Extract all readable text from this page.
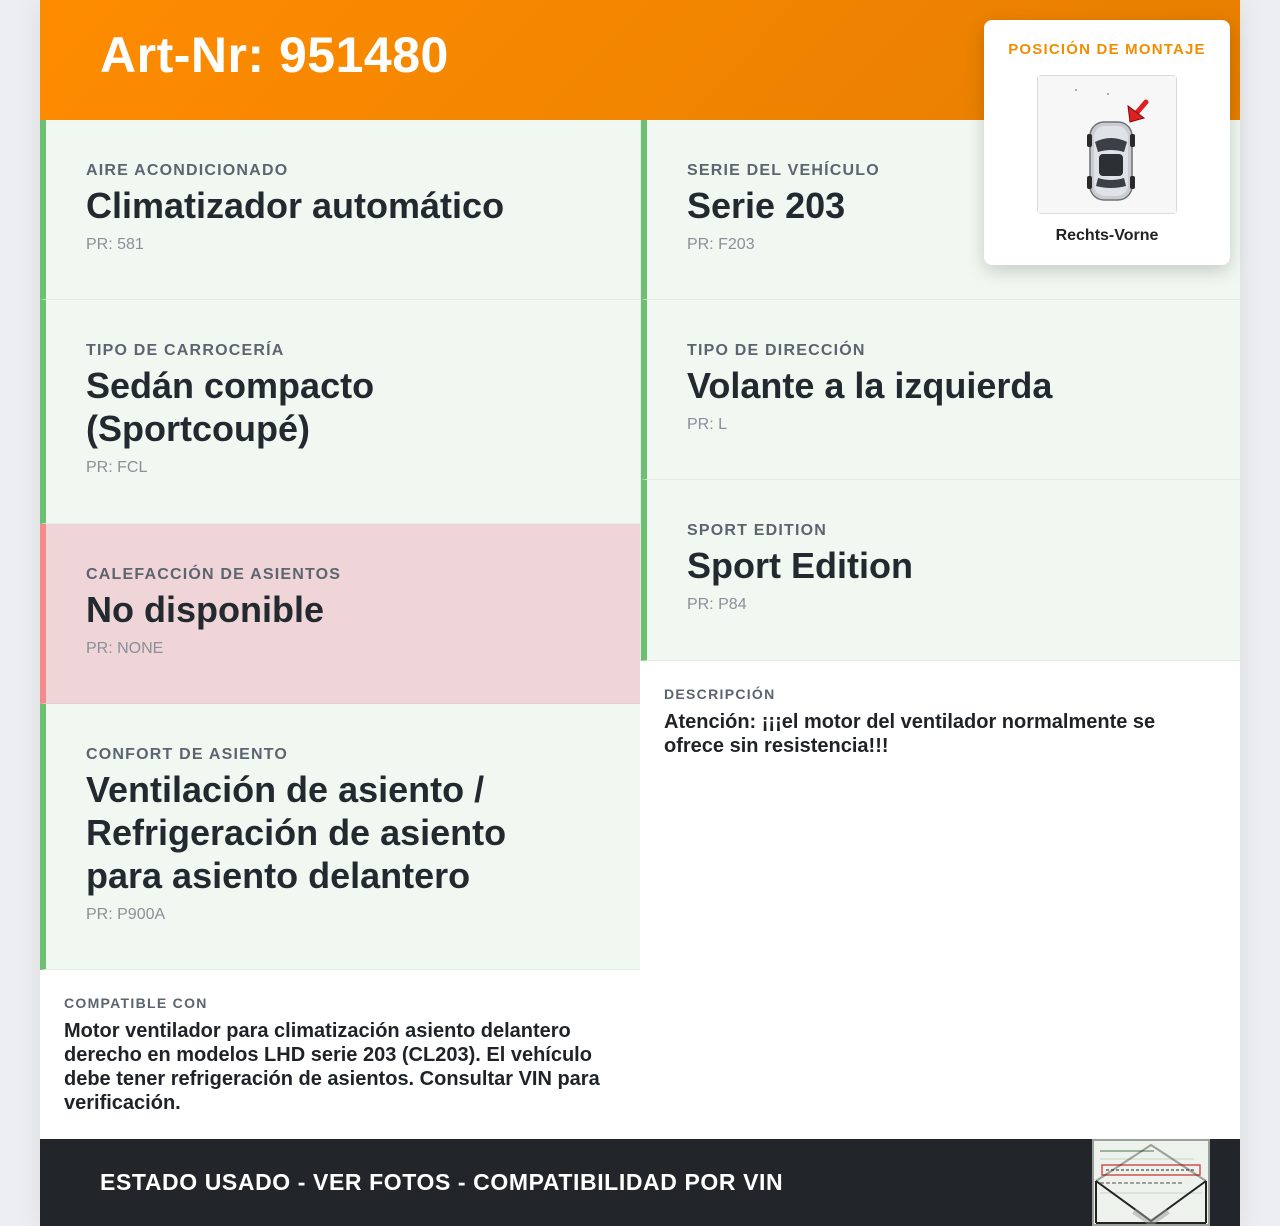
Art-Nr: 951480
AIRE ACONDICIONADO
Climatizador automático
PR: 581
TIPO DE CARROCERÍA
Sedán compacto (Sportcoupé)
PR: FCL
CALEFACCIÓN DE ASIENTOS
No disponible
PR: NONE
CONFORT DE ASIENTO
Ventilación de asiento / Refrigeración de asiento para asiento delantero
PR: P900A
COMPATIBLE CON
Motor ventilador para climatización asiento delantero derecho en modelos LHD serie 203 (CL203). El vehículo debe tener refrigeración de asientos. Consultar VIN para verificación.
SERIE DEL VEHÍCULO
Serie 203
PR: F203
TIPO DE DIRECCIÓN
Volante a la izquierda
PR: L
SPORT EDITION
Sport Edition
PR: P84
DESCRIPCIÓN
Atención: ¡¡¡el motor del ventilador normalmente se ofrece sin resistencia!!!
ESTADO USADO - VER FOTOS - COMPATIBILIDAD POR VIN
POSICIÓN DE MONTAJE
Rechts-Vorne
